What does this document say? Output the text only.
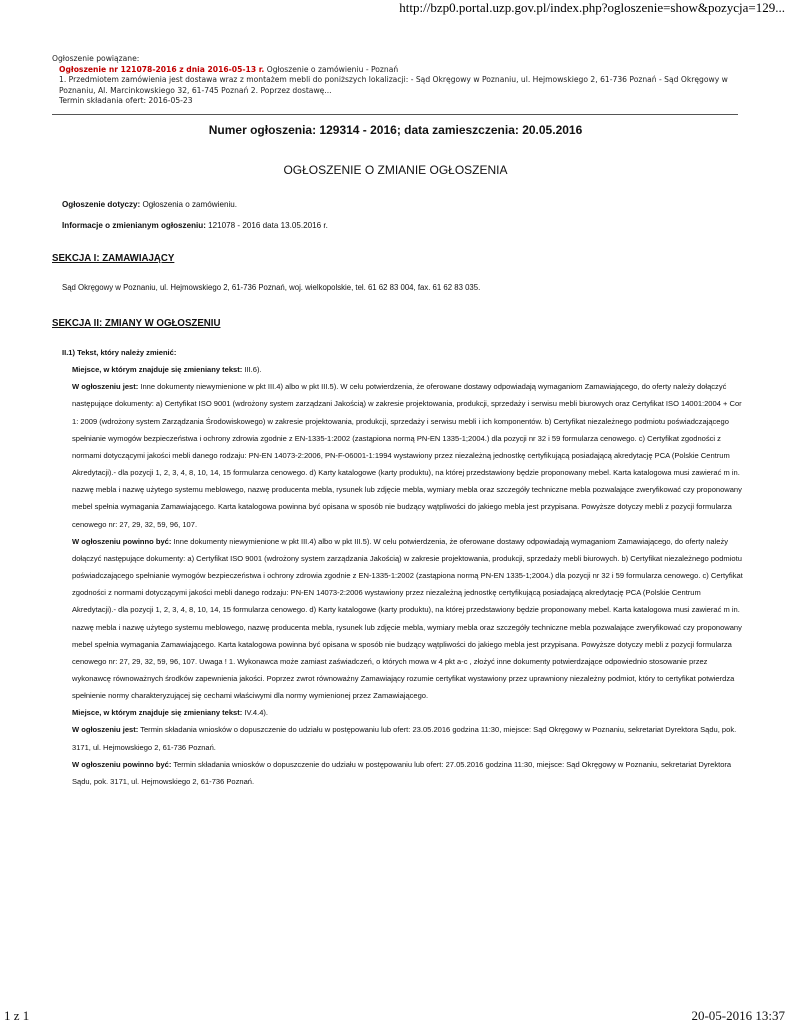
http://bzp0.portal.uzp.gov.pl/index.php?ogloszenie=show&pozycja=129...
Ogłoszenie powiązane:
Ogłoszenie nr 121078-2016 z dnia 2016-05-13 r. Ogłoszenie o zamówieniu - Poznań
1. Przedmiotem zamówienia jest dostawa wraz z montażem mebli do poniższych lokalizacji: - Sąd Okręgowy w Poznaniu, ul. Hejmowskiego 2, 61-736 Poznań - Sąd Okręgowy w Poznaniu, Al. Marcinkowskiego 32, 61-745 Poznań 2. Poprzez dostawę...
Termin składania ofert: 2016-05-23
Numer ogłoszenia: 129314 - 2016; data zamieszczenia: 20.05.2016
OGŁOSZENIE O ZMIANIE OGŁOSZENIA
Ogłoszenie dotyczy: Ogłoszenia o zamówieniu.
Informacje o zmienianym ogłoszeniu: 121078 - 2016 data 13.05.2016 r.
SEKCJA I: ZAMAWIAJĄCY
Sąd Okręgowy w Poznaniu, ul. Hejmowskiego 2, 61-736 Poznań, woj. wielkopolskie, tel. 61 62 83 004, fax. 61 62 83 035.
SEKCJA II: ZMIANY W OGŁOSZENIU

II.1) Tekst, który należy zmienić:

Miejsce, w którym znajduje się zmieniany tekst: III.6).

W ogłoszeniu jest: Inne dokumenty niewymienione w pkt III.4) albo w pkt III.5). W celu potwierdzenia, że oferowane dostawy odpowiadają wymaganiom Zamawiającego, do oferty należy dołączyć następujące dokumenty: a) Certyfikat ISO 9001 (wdrożony system zarządzani Jakością) w zakresie projektowania, produkcji, sprzedaży i serwisu mebli biurowych oraz Certyfikat ISO 14001:2004 + Cor 1: 2009 (wdrożony system Zarządzania Środowiskowego) w zakresie projektowania, produkcji, sprzedaży i serwisu mebli i ich komponentów. b) Certyfikat niezależnego podmiotu poświadczającego spełnianie wymogów bezpieczeństwa i ochrony zdrowia zgodnie z EN-1335-1:2002 (zastąpiona normą PN-EN 1335-1;2004.) dla pozycji nr 32 i 59 formularza cenowego. c) Certyfikat zgodności z normami dotyczącymi jakości mebli danego rodzaju: PN-EN 14073-2:2006, PN-F-06001-1:1994 wystawiony przez niezależną jednostkę certyfikującą posiadającą akredytację PCA (Polskie Centrum Akredytacji).- dla pozycji 1, 2, 3, 4, 8, 10, 14, 15 formularza cenowego. d) Karty katalogowe (karty produktu), na której przedstawiony będzie proponowany mebel. Karta katalogowa musi zawierać m in. nazwę mebla i nazwę użytego systemu meblowego, nazwę producenta mebla, rysunek lub zdjęcie mebla, wymiary mebla oraz szczegóły techniczne mebla pozwalające zweryfikować czy proponowany mebel spełnia wymagania Zamawiającego. Karta katalogowa powinna być opisana w sposób nie budzący wątpliwości do jakiego mebla jest przypisana. Powyższe dotyczy mebli z pozycji formularza cenowego nr: 27, 29, 32, 59, 96, 107.

W ogłoszeniu powinno być: Inne dokumenty niewymienione w pkt III.4) albo w pkt III.5). W celu potwierdzenia, że oferowane dostawy odpowiadają wymaganiom Zamawiającego, do oferty należy dołączyć następujące dokumenty: a) Certyfikat ISO 9001 (wdrożony system zarządzania Jakością) w zakresie projektowania, produkcji, sprzedaży mebli biurowych. b) Certyfikat niezależnego podmiotu poświadczającego spełnianie wymogów bezpieczeństwa i ochrony zdrowia zgodnie z EN-1335-1:2002 (zastąpiona normą PN-EN 1335-1;2004.) dla pozycji nr 32 i 59 formularza cenowego. c) Certyfikat zgodności z normami dotyczącymi jakości mebli danego rodzaju: PN-EN 14073-2:2006 wystawiony przez niezależną jednostkę certyfikującą posiadającą akredytację PCA (Polskie Centrum Akredytacji).- dla pozycji 1, 2, 3, 4, 8, 10, 14, 15 formularza cenowego. d) Karty katalogowe (karty produktu), na której przedstawiony będzie proponowany mebel. Karta katalogowa musi zawierać m in. nazwę mebla i nazwę użytego systemu meblowego, nazwę producenta mebla, rysunek lub zdjęcie mebla, wymiary mebla oraz szczegóły techniczne mebla pozwalające zweryfikować czy proponowany mebel spełnia wymagania Zamawiającego. Karta katalogowa powinna być opisana w sposób nie budzący wątpliwości do jakiego mebla jest przypisana. Powyższe dotyczy mebli z pozycji formularza cenowego nr: 27, 29, 32, 59, 96, 107. Uwaga ! 1. Wykonawca może zamiast zaświadczeń, o których mowa w 4 pkt a-c , złożyć inne dokumenty potwierdzające odpowiednio stosowanie przez wykonawcę równoważnych środków zapewnienia jakości. Poprzez zwrot równoważny Zamawiający rozumie certyfikat wystawiony przez uprawniony niezależny podmiot, który to certyfikat potwierdza spełnienie normy charakteryzującej się cechami właściwymi dla normy wymienionej przez Zamawiającego.

Miejsce, w którym znajduje się zmieniany tekst: IV.4.4).

W ogłoszeniu jest: Termin składania wniosków o dopuszczenie do udziału w postępowaniu lub ofert: 23.05.2016 godzina 11:30, miejsce: Sąd Okręgowy w Poznaniu, sekretariat Dyrektora Sądu, pok. 3171, ul. Hejmowskiego 2, 61-736 Poznań.

W ogłoszeniu powinno być: Termin składania wniosków o dopuszczenie do udziału w postępowaniu lub ofert: 27.05.2016 godzina 11:30, miejsce: Sąd Okręgowy w Poznaniu, sekretariat Dyrektora Sądu, pok. 3171, ul. Hejmowskiego 2, 61-736 Poznań.

1 z 1	20-05-2016 13:37
